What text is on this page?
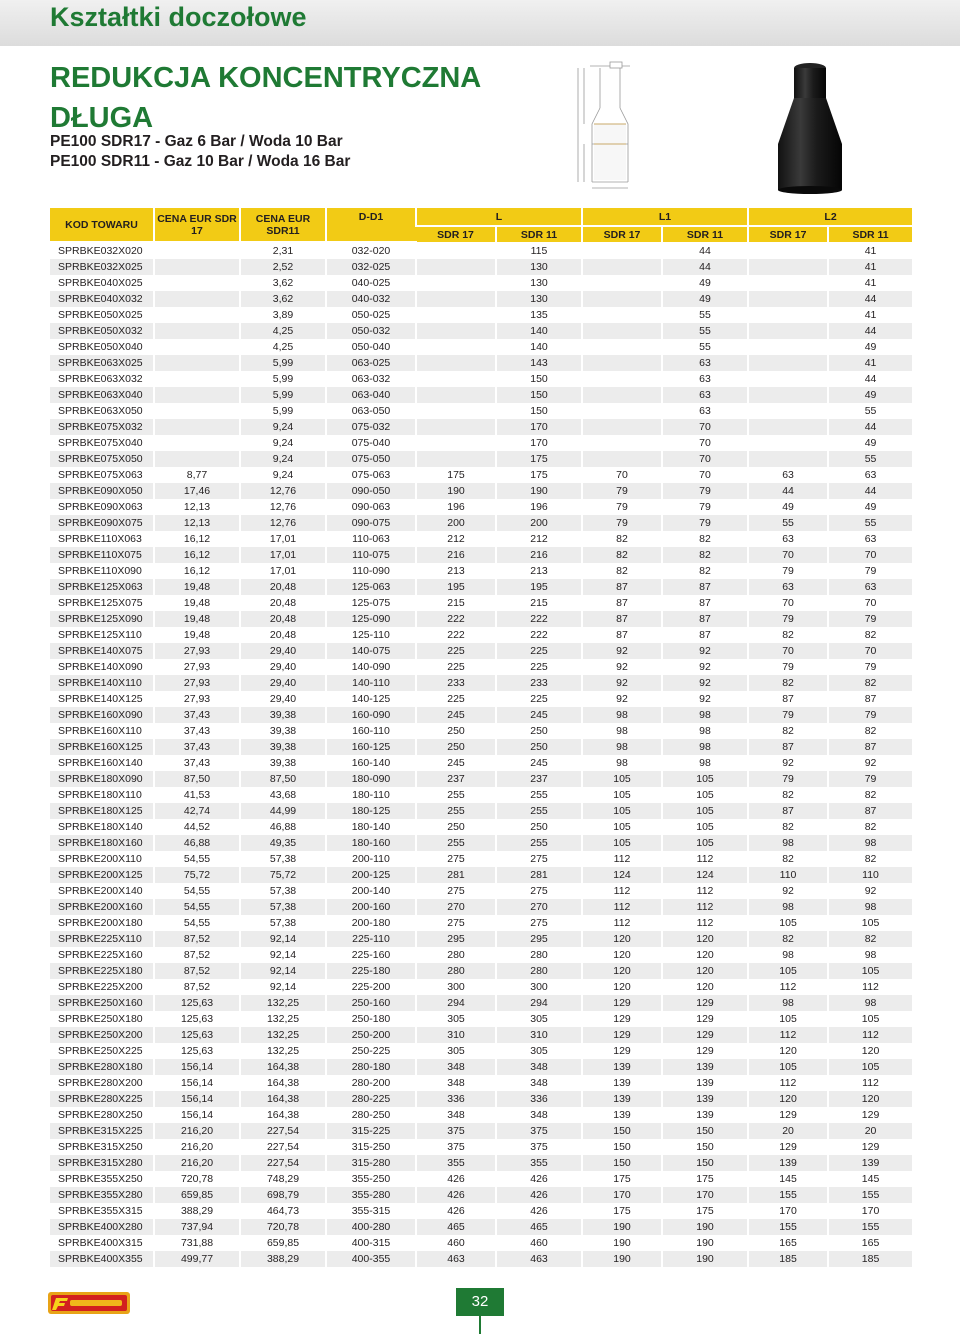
Kształtki doczołowe
REDUKCJA KONCENTRYCZNA DŁUGA
PE100 SDR17 - Gaz 6 Bar / Woda 10 Bar
PE100 SDR11 - Gaz 10 Bar / Woda 16 Bar
KOD TOWARU	CENA EUR SDR 17	CENA EUR SDR11	D-D1	L		L1		L2	
				SDR 17	SDR 11	SDR 17	SDR 11	SDR 17	SDR 11
SPRBKE032X020		2,31	032-020		115		44		41
SPRBKE032X025		2,52	032-025		130		44		41
SPRBKE040X025		3,62	040-025		130		49		41
SPRBKE040X032		3,62	040-032		130		49		44
SPRBKE050X025		3,89	050-025		135		55		41
SPRBKE050X032		4,25	050-032		140		55		44
SPRBKE050X040		4,25	050-040		140		55		49
SPRBKE063X025		5,99	063-025		143		63		41
SPRBKE063X032		5,99	063-032		150		63		44
SPRBKE063X040		5,99	063-040		150		63		49
SPRBKE063X050		5,99	063-050		150		63		55
SPRBKE075X032		9,24	075-032		170		70		44
SPRBKE075X040		9,24	075-040		170		70		49
SPRBKE075X050		9,24	075-050		175		70		55
SPRBKE075X063	8,77	9,24	075-063	175	175	70	70	63	63
SPRBKE090X050	17,46	12,76	090-050	190	190	79	79	44	44
SPRBKE090X063	12,13	12,76	090-063	196	196	79	79	49	49
SPRBKE090X075	12,13	12,76	090-075	200	200	79	79	55	55
SPRBKE110X063	16,12	17,01	110-063	212	212	82	82	63	63
SPRBKE110X075	16,12	17,01	110-075	216	216	82	82	70	70
SPRBKE110X090	16,12	17,01	110-090	213	213	82	82	79	79
SPRBKE125X063	19,48	20,48	125-063	195	195	87	87	63	63
SPRBKE125X075	19,48	20,48	125-075	215	215	87	87	70	70
SPRBKE125X090	19,48	20,48	125-090	222	222	87	87	79	79
SPRBKE125X110	19,48	20,48	125-110	222	222	87	87	82	82
SPRBKE140X075	27,93	29,40	140-075	225	225	92	92	70	70
SPRBKE140X090	27,93	29,40	140-090	225	225	92	92	79	79
SPRBKE140X110	27,93	29,40	140-110	233	233	92	92	82	82
SPRBKE140X125	27,93	29,40	140-125	225	225	92	92	87	87
SPRBKE160X090	37,43	39,38	160-090	245	245	98	98	79	79
SPRBKE160X110	37,43	39,38	160-110	250	250	98	98	82	82
SPRBKE160X125	37,43	39,38	160-125	250	250	98	98	87	87
SPRBKE160X140	37,43	39,38	160-140	245	245	98	98	92	92
SPRBKE180X090	87,50	87,50	180-090	237	237	105	105	79	79
SPRBKE180X110	41,53	43,68	180-110	255	255	105	105	82	82
SPRBKE180X125	42,74	44,99	180-125	255	255	105	105	87	87
SPRBKE180X140	44,52	46,88	180-140	250	250	105	105	82	82
SPRBKE180X160	46,88	49,35	180-160	255	255	105	105	98	98
SPRBKE200X110	54,55	57,38	200-110	275	275	112	112	82	82
SPRBKE200X125	75,72	75,72	200-125	281	281	124	124	110	110
SPRBKE200X140	54,55	57,38	200-140	275	275	112	112	92	92
SPRBKE200X160	54,55	57,38	200-160	270	270	112	112	98	98
SPRBKE200X180	54,55	57,38	200-180	275	275	112	112	105	105
SPRBKE225X110	87,52	92,14	225-110	295	295	120	120	82	82
SPRBKE225X160	87,52	92,14	225-160	280	280	120	120	98	98
SPRBKE225X180	87,52	92,14	225-180	280	280	120	120	105	105
SPRBKE225X200	87,52	92,14	225-200	300	300	120	120	112	112
SPRBKE250X160	125,63	132,25	250-160	294	294	129	129	98	98
SPRBKE250X180	125,63	132,25	250-180	305	305	129	129	105	105
SPRBKE250X200	125,63	132,25	250-200	310	310	129	129	112	112
SPRBKE250X225	125,63	132,25	250-225	305	305	129	129	120	120
SPRBKE280X180	156,14	164,38	280-180	348	348	139	139	105	105
SPRBKE280X200	156,14	164,38	280-200	348	348	139	139	112	112
SPRBKE280X225	156,14	164,38	280-225	336	336	139	139	120	120
SPRBKE280X250	156,14	164,38	280-250	348	348	139	139	129	129
SPRBKE315X225	216,20	227,54	315-225	375	375	150	150	20	20
SPRBKE315X250	216,20	227,54	315-250	375	375	150	150	129	129
SPRBKE315X280	216,20	227,54	315-280	355	355	150	150	139	139
SPRBKE355X250	720,78	748,29	355-250	426	426	175	175	145	145
SPRBKE355X280	659,85	698,79	355-280	426	426	170	170	155	155
SPRBKE355X315	388,29	464,73	355-315	426	426	175	175	170	170
SPRBKE400X280	737,94	720,78	400-280	465	465	190	190	155	155
SPRBKE400X315	731,88	659,85	400-315	460	460	190	190	165	165
SPRBKE400X355	499,77	388,29	400-355	463	463	190	190	185	185
32
